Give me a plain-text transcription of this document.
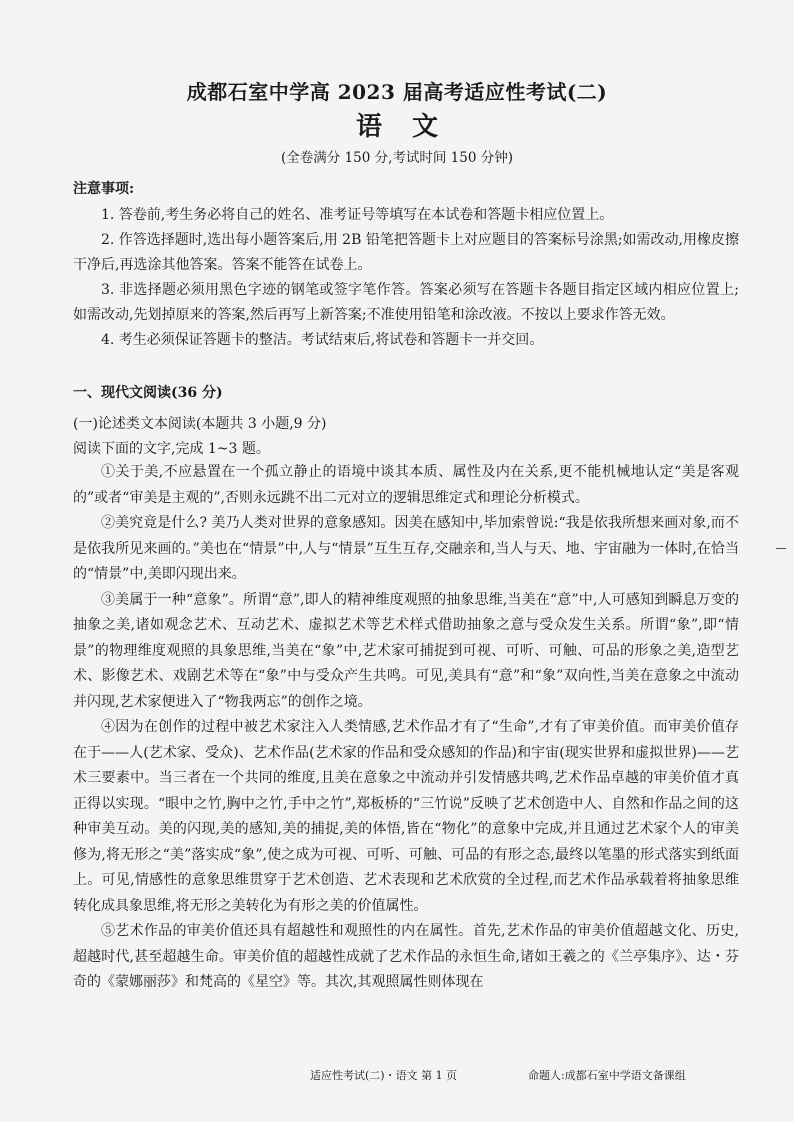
成都石室中学高 2023 届高考适应性考试(二)
语文
(全卷满分 150 分,考试时间 150 分钟)
注意事项:

1. 答卷前,考生务必将自己的姓名、准考证号等填写在本试卷和答题卡相应位置上。

2. 作答选择题时,选出每小题答案后,用 2B 铅笔把答题卡上对应题目的答案标号涂黑;如需改动,用橡皮擦干净后,再选涂其他答案。答案不能答在试卷上。

3. 非选择题必须用黑色字迹的钢笔或签字笔作答。答案必须写在答题卡各题目指定区域内相应位置上;如需改动,先划掉原来的答案,然后再写上新答案;不准使用铅笔和涂改液。不按以上要求作答无效。

4. 考生必须保证答题卡的整洁。考试结束后,将试卷和答题卡一并交回。

一、现代文阅读(36 分)
(一)论述类文本阅读(本题共 3 小题,9 分)
阅读下面的文字,完成 1~3 题。

①关于美,不应悬置在一个孤立静止的语境中谈其本质、属性及内在关系,更不能机械地认定“美是客观的”或者“审美是主观的”,否则永远跳不出二元对立的逻辑思维定式和理论分析模式。

②美究竟是什么? 美乃人类对世界的意象感知。因美在感知中,毕加索曾说:“我是依我所想来画对象,而不是依我所见来画的。”美也在“情景”中,人与“情景”互生互存,交融亲和,当人与天、地、宇宙融为一体时,在恰当的“情景”中,美即闪现出来。

③美属于一种“意象”。所谓“意”,即人的精神维度观照的抽象思维,当美在“意”中,人可感知到瞬息万变的抽象之美,诸如观念艺术、互动艺术、虚拟艺术等艺术样式借助抽象之意与受众发生关系。所谓“象”,即“情景”的物理维度观照的具象思维,当美在“象”中,艺术家可捕捉到可视、可听、可触、可品的形象之美,造型艺术、影像艺术、戏剧艺术等在“象”中与受众产生共鸣。可见,美具有“意”和“象”双向性,当美在意象之中流动并闪现,艺术家便进入了“物我两忘”的创作之境。

④因为在创作的过程中被艺术家注入人类情感,艺术作品才有了“生命”,才有了审美价值。而审美价值存在于——人(艺术家、受众)、艺术作品(艺术家的作品和受众感知的作品)和宇宙(现实世界和虚拟世界)——艺术三要素中。当三者在一个共同的维度,且美在意象之中流动并引发情感共鸣,艺术作品卓越的审美价值才真正得以实现。“眼中之竹,胸中之竹,手中之竹”,郑板桥的“三竹说”反映了艺术创造中人、自然和作品之间的这种审美互动。美的闪现,美的感知,美的捕捉,美的体悟,皆在“物化”的意象中完成,并且通过艺术家个人的审美修为,将无形之“美”落实成“象”,使之成为可视、可听、可触、可品的有形之态,最终以笔墨的形式落实到纸面上。可见,情感性的意象思维贯穿于艺术创造、艺术表现和艺术欣赏的全过程,而艺术作品承载着将抽象思维转化成具象思维,将无形之美转化为有形之美的价值属性。

⑤艺术作品的审美价值还具有超越性和观照性的内在属性。首先,艺术作品的审美价值超越文化、历史,超越时代,甚至超越生命。审美价值的超越性成就了艺术作品的永恒生命,诸如王羲之的《兰亭集序》、达・芬奇的《蒙娜丽莎》和梵高的《星空》等。其次,其观照属性则体现在

适应性考试(二)・语文 第 1 页	命题人:成都石室中学语文备课组
